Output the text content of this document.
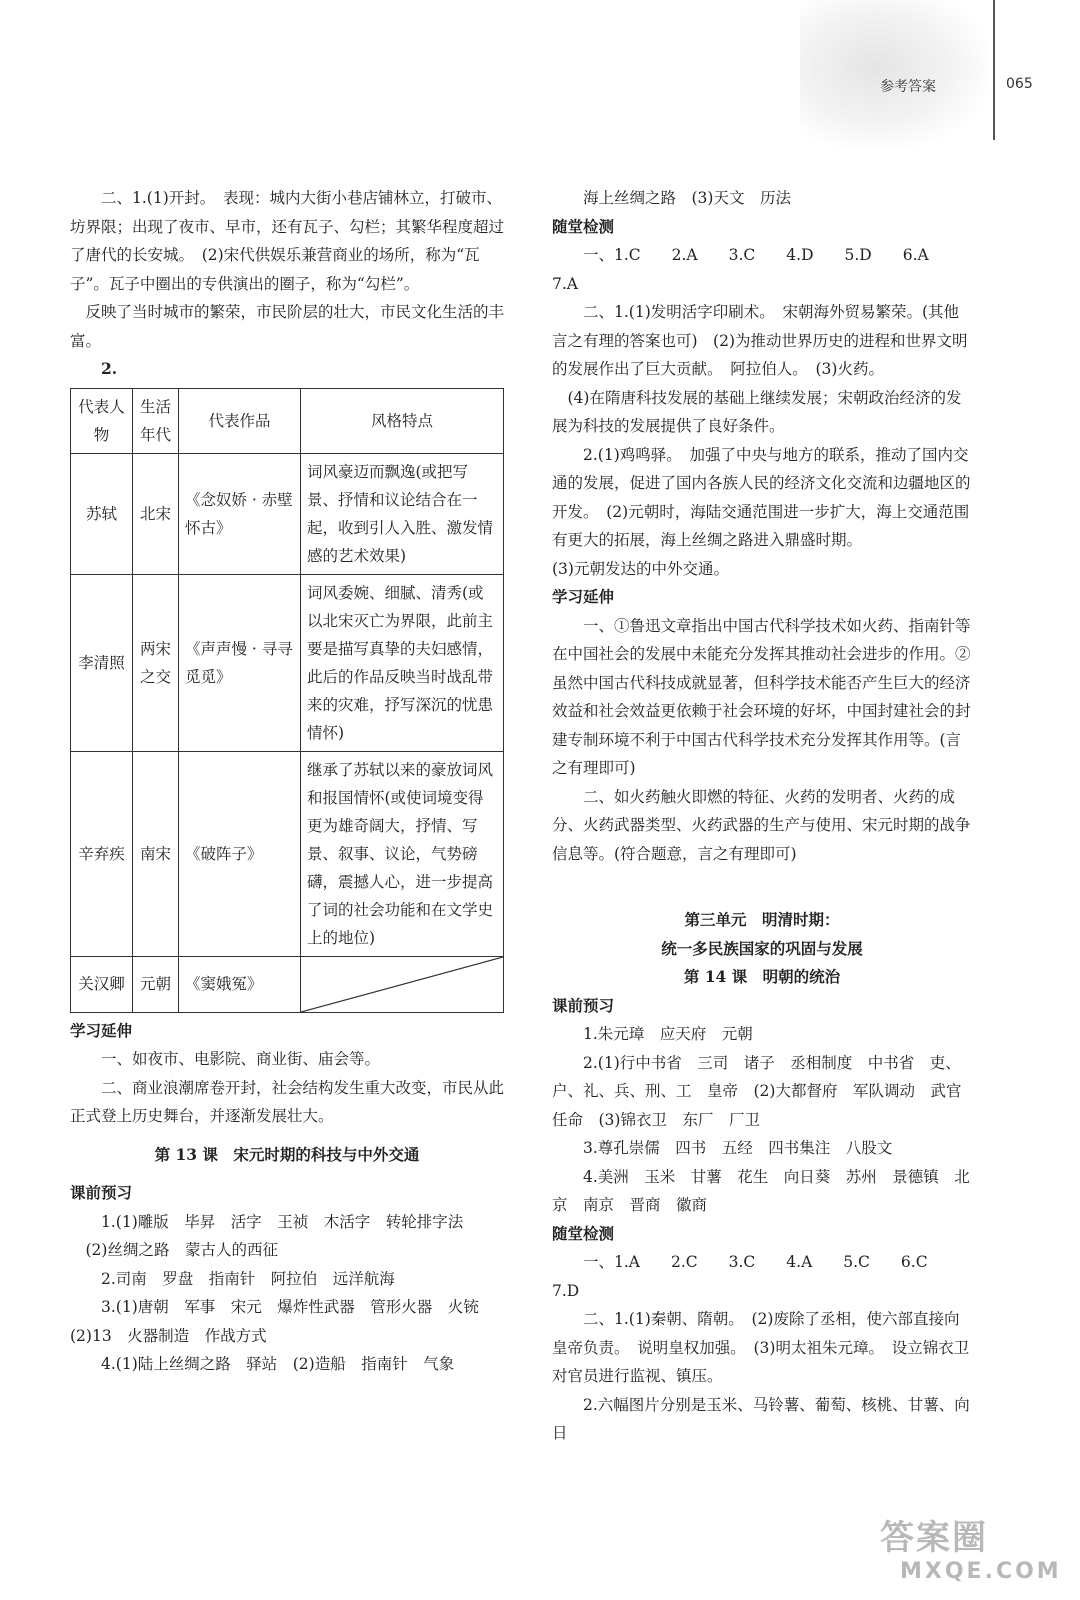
参考答案	065

二、1.(1)开封。　表现：城内大街小巷店铺林立，打破市、坊界限；出现了夜市、早市，还有瓦子、勾栏；其繁华程度超过了唐代的长安城。　(2)宋代供娱乐兼营商业的场所，称为“瓦子”。瓦子中圈出的专供演出的圈子，称为“勾栏”。

反映了当时城市的繁荣，市民阶层的壮大，市民文化生活的丰富。

2.

代表人物	生活年代	代表作品	风格特点
苏轼	北宋	《念奴娇 · 赤壁怀古》	词风豪迈而飘逸(或把写景、抒情和议论结合在一起，收到引人入胜、激发情感的艺术效果)
李清照	两宋之交	《声声慢 · 寻寻觅觅》	词风委婉、细腻、清秀(或以北宋灭亡为界限，此前主要是描写真挚的夫妇感情，此后的作品反映当时战乱带来的灾难，抒写深沉的忧患情怀)
辛弃疾	南宋	《破阵子》	继承了苏轼以来的豪放词风和报国情怀(或使词境变得更为雄奇阔大，抒情、写景、叙事、议论，气势磅礴，震撼人心，进一步提高了词的社会功能和在文学史上的地位)
关汉卿	元朝	《窦娥冤》	

学习延伸

一、如夜市、电影院、商业街、庙会等。

二、商业浪潮席卷开封，社会结构发生重大改变，市民从此正式登上历史舞台，并逐渐发展壮大。

第 13 课　宋元时期的科技与中外交通

课前预习

1.(1)雕版　毕昇　活字　王祯　木活字　转轮排字法

(2)丝绸之路　蒙古人的西征

2.司南　罗盘　指南针　阿拉伯　远洋航海

3.(1)唐朝　军事　宋元　爆炸性武器　管形火器　火铳　(2)13　火器制造　作战方式

4.(1)陆上丝绸之路　驿站　(2)造船　指南针　气象

海上丝绸之路　(3)天文　历法

随堂检测

一、1.C　　2.A　　3.C　　4.D　　5.D　　6.A

7.A

二、1.(1)发明活字印刷术。　宋朝海外贸易繁荣。(其他言之有理的答案也可)　(2)为推动世界历史的进程和世界文明的发展作出了巨大贡献。　阿拉伯人。　(3)火药。

(4)在隋唐科技发展的基础上继续发展；宋朝政治经济的发展为科技的发展提供了良好条件。

2.(1)鸡鸣驿。　加强了中央与地方的联系，推动了国内交通的发展，促进了国内各族人民的经济文化交流和边疆地区的开发。　(2)元朝时，海陆交通范围进一步扩大，海上交通范围有更大的拓展，海上丝绸之路进入鼎盛时期。

(3)元朝发达的中外交通。

学习延伸

一、①鲁迅文章指出中国古代科学技术如火药、指南针等在中国社会的发展中未能充分发挥其推动社会进步的作用。②虽然中国古代科技成就显著，但科学技术能否产生巨大的经济效益和社会效益更依赖于社会环境的好坏，中国封建社会的封建专制环境不利于中国古代科学技术充分发挥其作用等。(言之有理即可)

二、如火药触火即燃的特征、火药的发明者、火药的成分、火药武器类型、火药武器的生产与使用、宋元时期的战争信息等。(符合题意，言之有理即可)

第三单元　明清时期：

统一多民族国家的巩固与发展

第 14 课　明朝的统治

课前预习

1.朱元璋　应天府　元朝

2.(1)行中书省　三司　诸子　丞相制度　中书省　吏、户、礼、兵、刑、工　皇帝　(2)大都督府　军队调动　武官任命　(3)锦衣卫　东厂　厂卫

3.尊孔崇儒　四书　五经　四书集注　八股文

4.美洲　玉米　甘薯　花生　向日葵　苏州　景德镇　北京　南京　晋商　徽商

随堂检测

一、1.A　　2.C　　3.C　　4.A　　5.C　　6.C

7.D

二、1.(1)秦朝、隋朝。　(2)废除了丞相，使六部直接向皇帝负责。　说明皇权加强。　(3)明太祖朱元璋。　设立锦衣卫对官员进行监视、镇压。

2.六幅图片分别是玉米、马铃薯、葡萄、核桃、甘薯、向日

答案圈
MXQE.COM
